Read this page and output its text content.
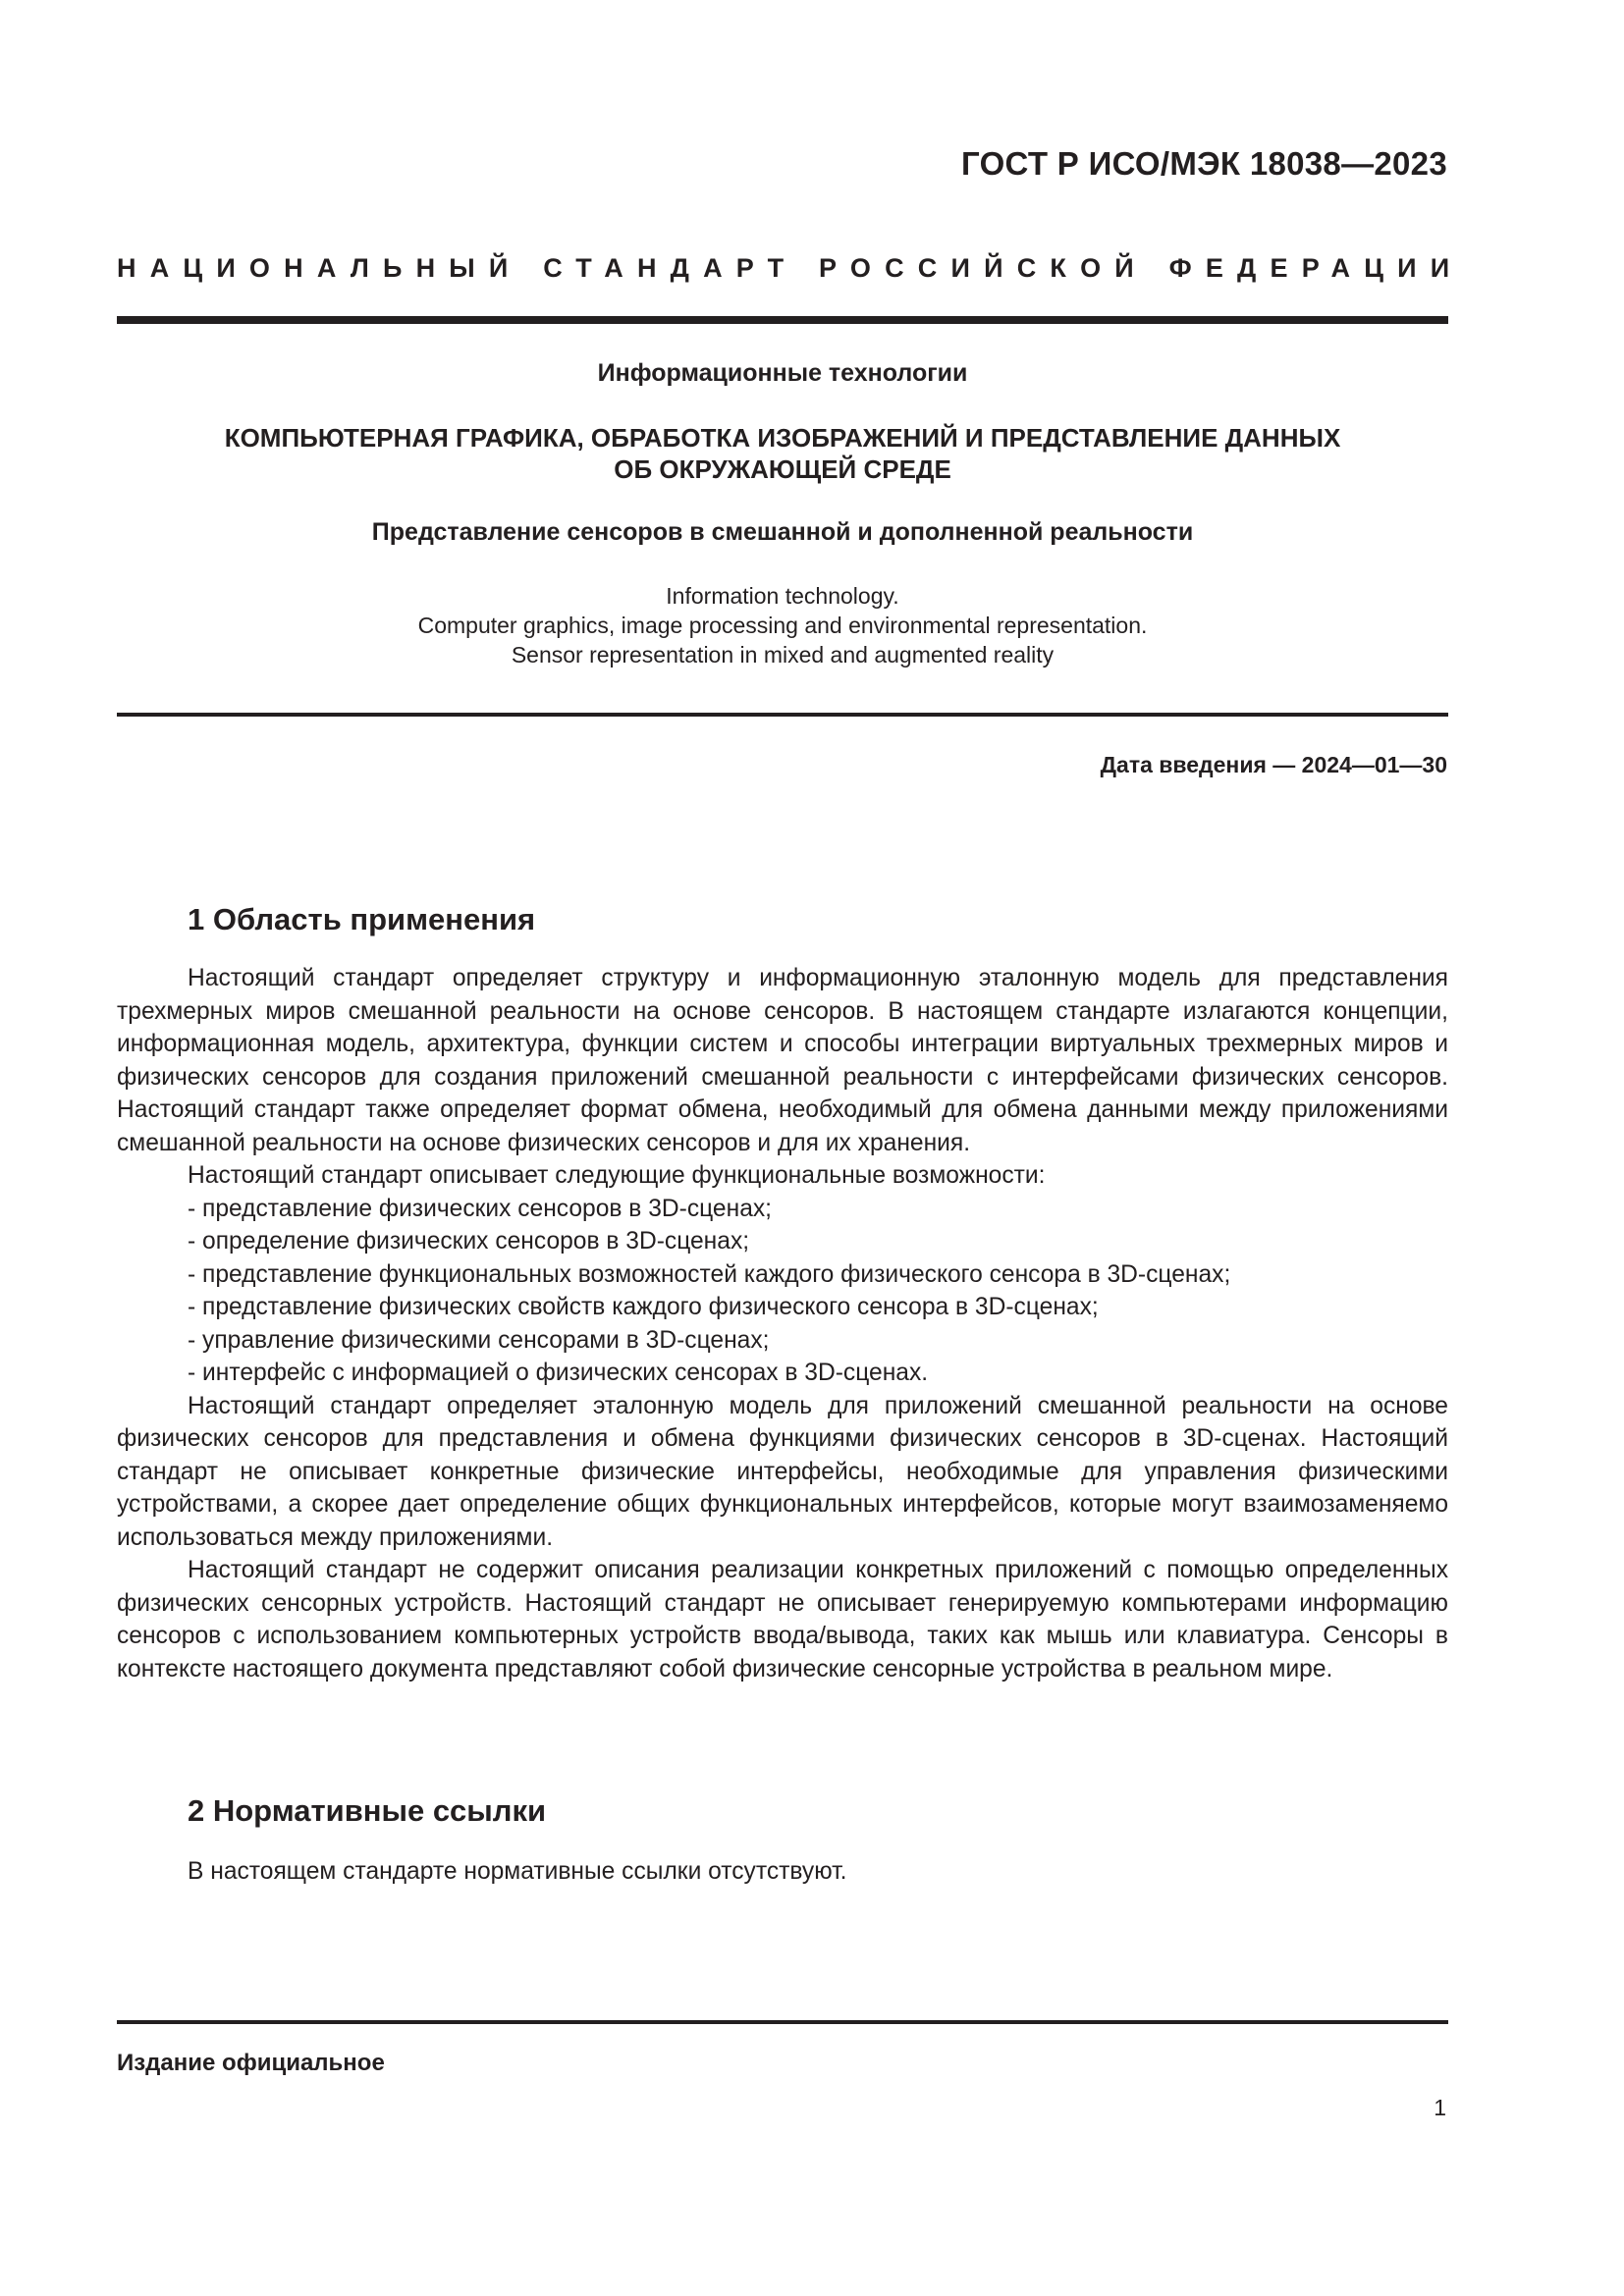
ГОСТ Р ИСО/МЭК 18038—2023
НАЦИОНАЛЬНЫЙ СТАНДАРТ РОССИЙСКОЙ ФЕДЕРАЦИИ
Информационные технологии
КОМПЬЮТЕРНАЯ ГРАФИКА, ОБРАБОТКА ИЗОБРАЖЕНИЙ И ПРЕДСТАВЛЕНИЕ ДАННЫХ
ОБ ОКРУЖАЮЩЕЙ СРЕДЕ
Представление сенсоров в смешанной и дополненной реальности
Information technology.
Computer graphics, image processing and environmental representation.
Sensor representation in mixed and augmented reality
Дата введения — 2024—01—30
1 Область применения

Настоящий стандарт определяет структуру и информационную эталонную модель для представления трехмерных миров смешанной реальности на основе сенсоров. В настоящем стандарте излагаются концепции, информационная модель, архитектура, функции систем и способы интеграции виртуальных трехмерных миров и физических сенсоров для создания приложений смешанной реальности с интерфейсами физических сенсоров. Настоящий стандарт также определяет формат обмена, необходимый для обмена данными между приложениями смешанной реальности на основе физических сенсоров и для их хранения.

Настоящий стандарт описывает следующие функциональные возможности:

- представление физических сенсоров в 3D-сценах;
- определение физических сенсоров в 3D-сценах;
- представление функциональных возможностей каждого физического сенсора в 3D-сценах;
- представление физических свойств каждого физического сенсора в 3D-сценах;
- управление физическими сенсорами в 3D-сценах;
- интерфейс с информацией о физических сенсорах в 3D-сценах.

Настоящий стандарт определяет эталонную модель для приложений смешанной реальности на основе физических сенсоров для представления и обмена функциями физических сенсоров в 3D-сценах. Настоящий стандарт не описывает конкретные физические интерфейсы, необходимые для управления физическими устройствами, а скорее дает определение общих функциональных интерфейсов, которые могут взаимозаменяемо использоваться между приложениями.

Настоящий стандарт не содержит описания реализации конкретных приложений с помощью определенных физических сенсорных устройств. Настоящий стандарт не описывает генерируемую компьютерами информацию сенсоров с использованием компьютерных устройств ввода/вывода, таких как мышь или клавиатура. Сенсоры в контексте настоящего документа представляют собой физические сенсорные устройства в реальном мире.

2 Нормативные ссылки

В настоящем стандарте нормативные ссылки отсутствуют.

Издание официальное
1
